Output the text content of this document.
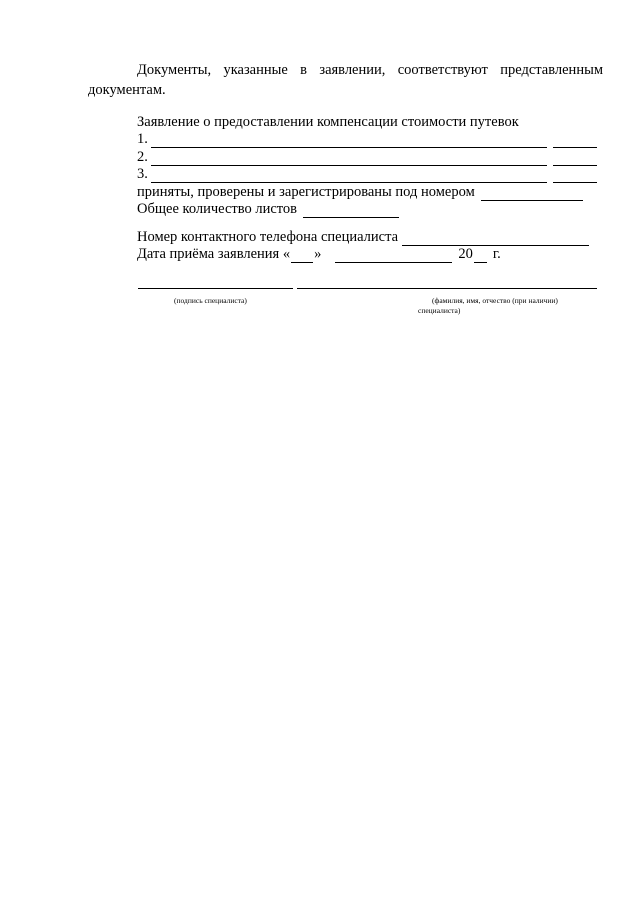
Документы, указанные в заявлении, соответствуют представленным документам.

Заявление о предоставлении компенсации стоимости путевок
1.
2.
3.
приняты, проверены и зарегистрированы под номером
Общее количество листов
Номер контактного телефона специалиста
Дата приёма заявления « »	20 г.
(подпись специалиста)	(фамилия, имя, отчество (при наличии) специалиста)
